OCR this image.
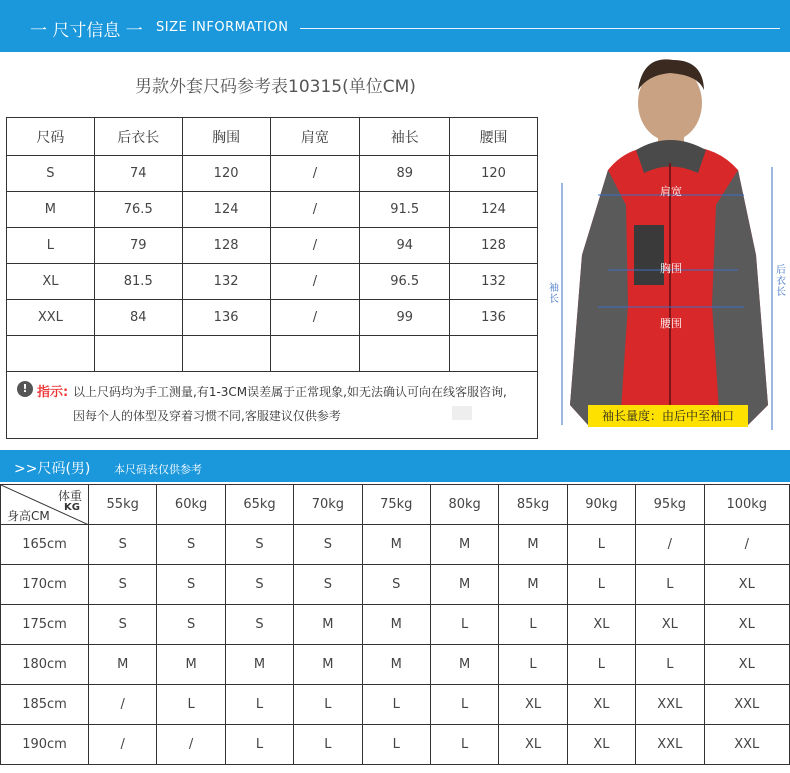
一 尺寸信息 一 SIZE INFORMATION
男款外套尺码参考表10315(单位CM)
尺码	后衣长	胸围	肩宽	袖长	腰围
S	74	120	/	89	120
M	76.5	124	/	91.5	124
L	79	128	/	94	128
XL	81.5	132	/	96.5	132
XXL	84	136	/	99	136

! 指示: 以上尺码均为手工测量,有1-3CM误差属于正常现象,如无法确认可向在线客服咨询,
因每个人的体型及穿着习惯不同,客服建议仅供参考
肩宽
胸围
腰围
袖长
后衣长
袖长量度：由后中至袖口
>>尺码(男) 本尺码表仅供参考
体重
KG
身高CM	55kg	60kg	65kg	70kg	75kg	80kg	85kg	90kg	95kg	100kg
165cm	S	S	S	S	M	M	M	L	/	/
170cm	S	S	S	S	S	M	M	L	L	XL
175cm	S	S	S	M	M	L	L	XL	XL	XL
180cm	M	M	M	M	M	M	L	L	L	XL
185cm	/	L	L	L	L	L	XL	XL	XXL	XXL
190cm	/	/	L	L	L	L	XL	XL	XXL	XXL
